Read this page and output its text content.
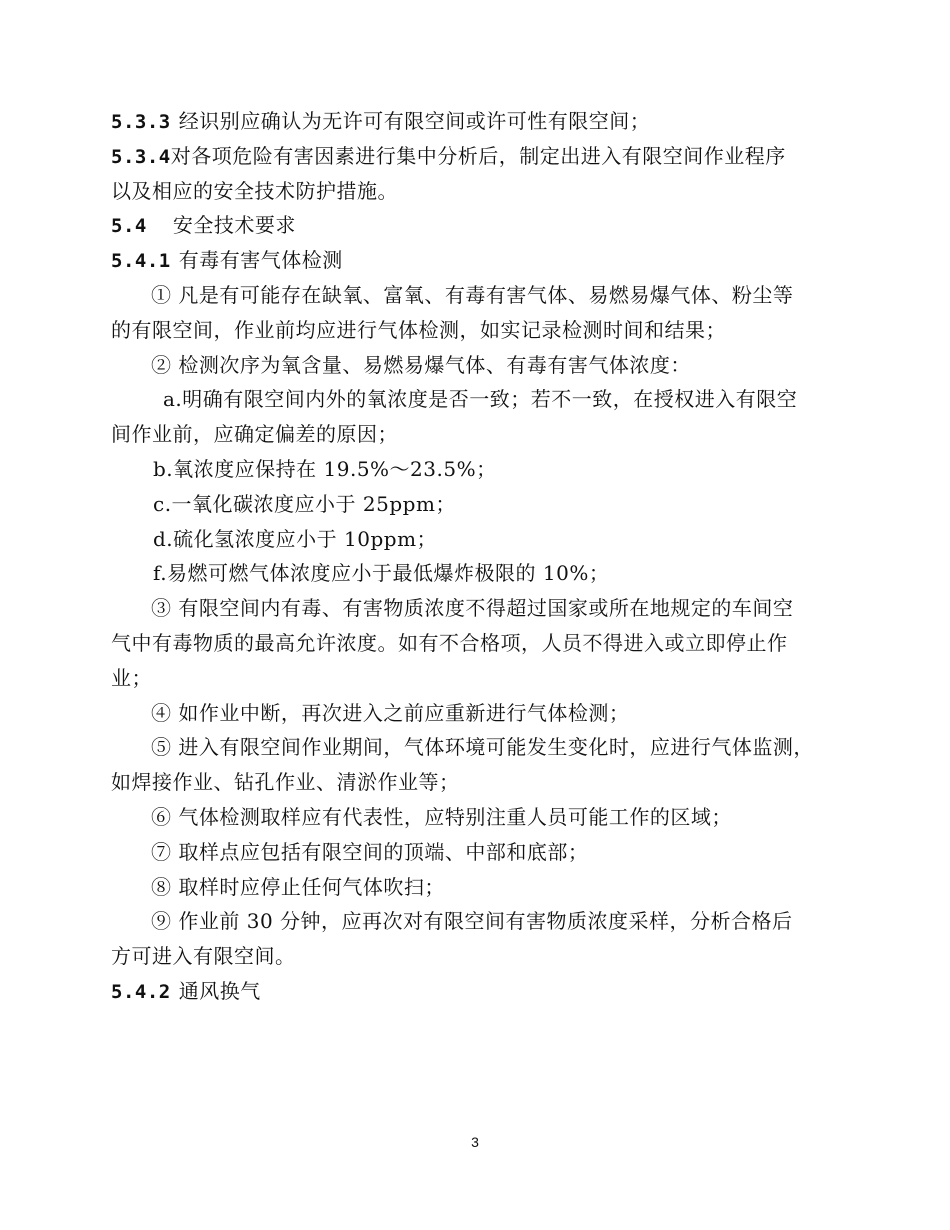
5.3.3 经识别应确认为无许可有限空间或许可性有限空间；
5.3.4对各项危险有害因素进行集中分析后，制定出进入有限空间作业程序
以及相应的安全技术防护措施。
5.4 安全技术要求
5.4.1 有毒有害气体检测
① 凡是有可能存在缺氧、富氧、有毒有害气体、易燃易爆气体、粉尘等
的有限空间，作业前均应进行气体检测，如实记录检测时间和结果；
② 检测次序为氧含量、易燃易爆气体、有毒有害气体浓度：
a.明确有限空间内外的氧浓度是否一致；若不一致，在授权进入有限空
间作业前，应确定偏差的原因；
b.氧浓度应保持在 19.5%～23.5%；
c.一氧化碳浓度应小于 25ppm；
d.硫化氢浓度应小于 10ppm；
f.易燃可燃气体浓度应小于最低爆炸极限的 10%；
③ 有限空间内有毒、有害物质浓度不得超过国家或所在地规定的车间空
气中有毒物质的最高允许浓度。如有不合格项，人员不得进入或立即停止作
业；
④ 如作业中断，再次进入之前应重新进行气体检测；
⑤ 进入有限空间作业期间，气体环境可能发生变化时，应进行气体监测，
如焊接作业、钻孔作业、清淤作业等；
⑥ 气体检测取样应有代表性，应特别注重人员可能工作的区域；
⑦ 取样点应包括有限空间的顶端、中部和底部；
⑧ 取样时应停止任何气体吹扫；
⑨ 作业前 30 分钟，应再次对有限空间有害物质浓度采样，分析合格后
方可进入有限空间。
5.4.2 通风换气
3
